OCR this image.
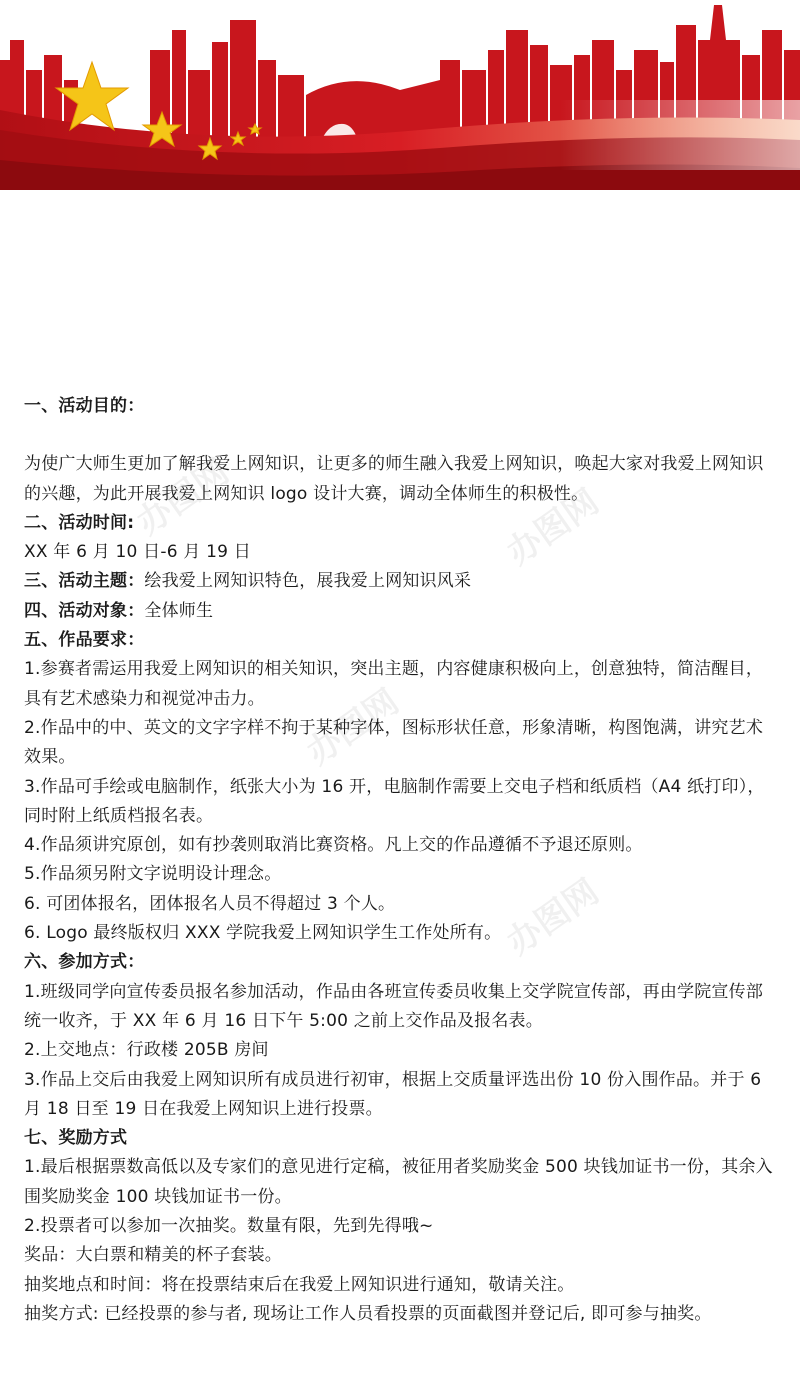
办图网	办图网
办图网
办图网

一、活动目的：

为使广大师生更加了解我爱上网知识，让更多的师生融入我爱上网知识，唤起大家对我爱上网知识的兴趣，为此开展我爱上网知识 logo 设计大赛，调动全体师生的积极性。

二、活动时间:

XX 年 6 月 10 日-6 月 19 日

三、活动主题：绘我爱上网知识特色，展我爱上网知识风采

四、活动对象：全体师生

五、作品要求：

1.参赛者需运用我爱上网知识的相关知识，突出主题，内容健康积极向上，创意独特，简洁醒目，具有艺术感染力和视觉冲击力。

2.作品中的中、英文的文字字样不拘于某种字体，图标形状任意，形象清晰，构图饱满，讲究艺术效果。

3.作品可手绘或电脑制作，纸张大小为 16 开，电脑制作需要上交电子档和纸质档（A4 纸打印），同时附上纸质档报名表。

4.作品须讲究原创，如有抄袭则取消比赛资格。凡上交的作品遵循不予退还原则。

5.作品须另附文字说明设计理念。

6. 可团体报名，团体报名人员不得超过 3 个人。

6. Logo 最终版权归 XXX 学院我爱上网知识学生工作处所有。

六、参加方式：

1.班级同学向宣传委员报名参加活动，作品由各班宣传委员收集上交学院宣传部，再由学院宣传部统一收齐，于 XX 年 6 月 16 日下午 5:00 之前上交作品及报名表。

2.上交地点：行政楼 205B 房间

3.作品上交后由我爱上网知识所有成员进行初审，根据上交质量评选出份 10 份入围作品。并于 6 月 18 日至 19 日在我爱上网知识上进行投票。

七、奖励方式

1.最后根据票数高低以及专家们的意见进行定稿，被征用者奖励奖金 500 块钱加证书一份，其余入围奖励奖金 100 块钱加证书一份。

2.投票者可以参加一次抽奖。数量有限，先到先得哦~

奖品：大白票和精美的杯子套装。

抽奖地点和时间：将在投票结束后在我爱上网知识进行通知，敬请关注。

抽奖方式: 已经投票的参与者, 现场让工作人员看投票的页面截图并登记后, 即可参与抽奖。
